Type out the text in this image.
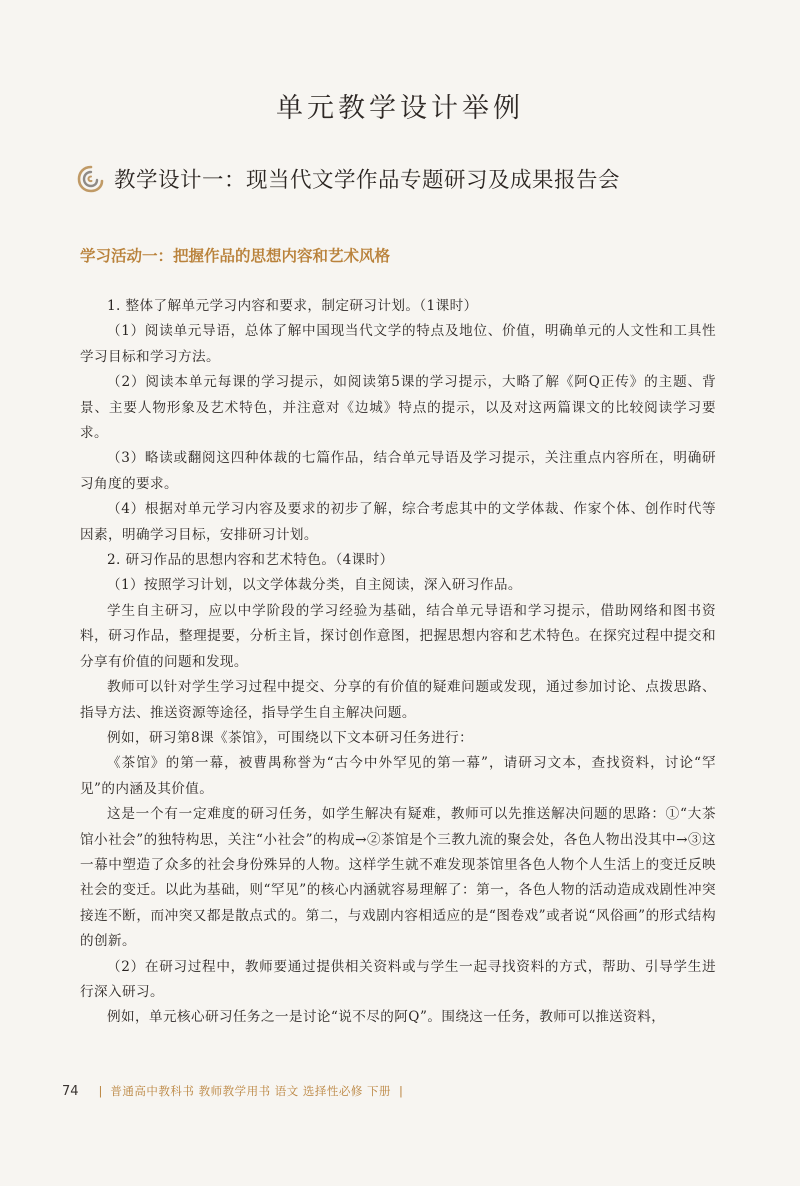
单元教学设计举例
教学设计一：现当代文学作品专题研习及成果报告会
学习活动一：把握作品的思想内容和艺术风格

1. 整体了解单元学习内容和要求，制定研习计划。（1课时）

（1）阅读单元导语，总体了解中国现当代文学的特点及地位、价值，明确单元的人文性和工具性学习目标和学习方法。

（2）阅读本单元每课的学习提示，如阅读第5课的学习提示，大略了解《阿Q正传》的主题、背景、主要人物形象及艺术特色，并注意对《边城》特点的提示，以及对这两篇课文的比较阅读学习要求。

（3）略读或翻阅这四种体裁的七篇作品，结合单元导语及学习提示，关注重点内容所在，明确研习角度的要求。

（4）根据对单元学习内容及要求的初步了解，综合考虑其中的文学体裁、作家个体、创作时代等因素，明确学习目标，安排研习计划。

2. 研习作品的思想内容和艺术特色。（4课时）

（1）按照学习计划，以文学体裁分类，自主阅读，深入研习作品。

学生自主研习，应以中学阶段的学习经验为基础，结合单元导语和学习提示，借助网络和图书资料，研习作品，整理提要，分析主旨，探讨创作意图，把握思想内容和艺术特色。在探究过程中提交和分享有价值的问题和发现。

教师可以针对学生学习过程中提交、分享的有价值的疑难问题或发现，通过参加讨论、点拨思路、指导方法、推送资源等途径，指导学生自主解决问题。

例如，研习第8课《茶馆》，可围绕以下文本研习任务进行：

《茶馆》的第一幕，被曹禺称誉为“古今中外罕见的第一幕”，请研习文本，查找资料，讨论“罕见”的内涵及其价值。

这是一个有一定难度的研习任务，如学生解决有疑难，教师可以先推送解决问题的思路：①“大茶馆小社会”的独特构思，关注“小社会”的构成→②茶馆是个三教九流的聚会处，各色人物出没其中→③这一幕中塑造了众多的社会身份殊异的人物。这样学生就不难发现茶馆里各色人物个人生活上的变迁反映社会的变迁。以此为基础，则“罕见”的核心内涵就容易理解了：第一，各色人物的活动造成戏剧性冲突接连不断，而冲突又都是散点式的。第二，与戏剧内容相适应的是“图卷戏”或者说“风俗画”的形式结构的创新。

（2）在研习过程中，教师要通过提供相关资料或与学生一起寻找资料的方式，帮助、引导学生进行深入研习。

例如，单元核心研习任务之一是讨论“说不尽的阿Q”。围绕这一任务，教师可以推送资料，

74 | 普通高中教科书 教师教学用书 语文 选择性必修 下册 |
